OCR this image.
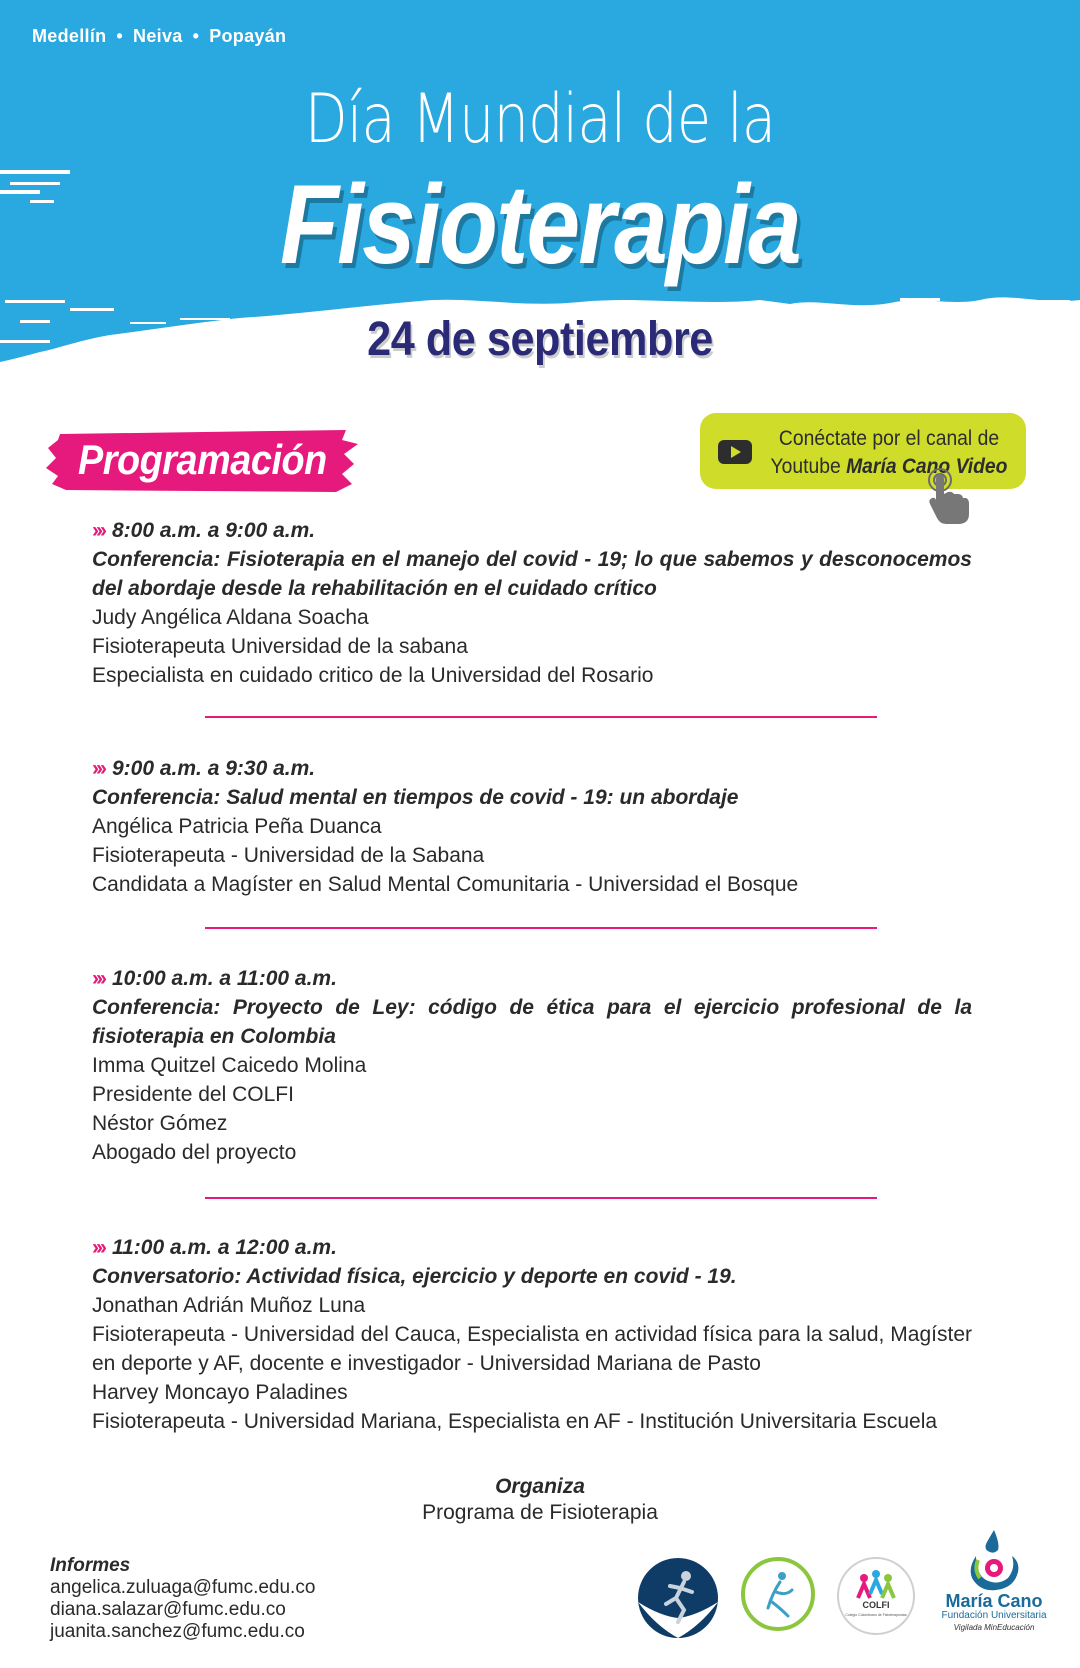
Medellín • Neiva • Popayán
Día Mundial de la
Fisioterapia
24 de septiembre
Programación	Conéctate por el canal de
Youtube María Cano Video
››› 8:00 a.m. a 9:00 a.m.
Conferencia: Fisioterapia en el manejo del covid - 19; lo que sabemos y desconocemos del abordaje desde la rehabilitación en el cuidado crítico
Judy Angélica Aldana Soacha
Fisioterapeuta Universidad de la sabana
Especialista en cuidado critico de la Universidad del Rosario
››› 9:00 a.m. a 9:30 a.m.
Conferencia: Salud mental en tiempos de covid - 19: un abordaje
Angélica Patricia Peña Duanca
Fisioterapeuta - Universidad de la Sabana
Candidata a Magíster en Salud Mental Comunitaria - Universidad el Bosque
››› 10:00 a.m. a 11:00 a.m.
Conferencia: Proyecto de Ley: código de ética para el ejercicio profesional de la fisioterapia en Colombia
Imma Quitzel Caicedo Molina
Presidente del COLFI
Néstor Gómez
Abogado del proyecto
››› 11:00 a.m. a 12:00 a.m.
Conversatorio: Actividad física, ejercicio y deporte en covid - 19.
Jonathan Adrián Muñoz Luna
Fisioterapeuta - Universidad del Cauca, Especialista en actividad física para la salud, Magíster en deporte y AF, docente e investigador - Universidad Mariana de Pasto
Harvey Moncayo Paladines
Fisioterapeuta - Universidad Mariana, Especialista en AF - Institución Universitaria Escuela
Organiza
Programa de Fisioterapia
Informes
angelica.zuluaga@fumc.edu.co
diana.salazar@fumc.edu.co
juanita.sanchez@fumc.edu.co
COLFI
Colegio Colombiano de Fisioterapeutas
María Cano
Fundación Universitaria
Vigilada MinEducación
